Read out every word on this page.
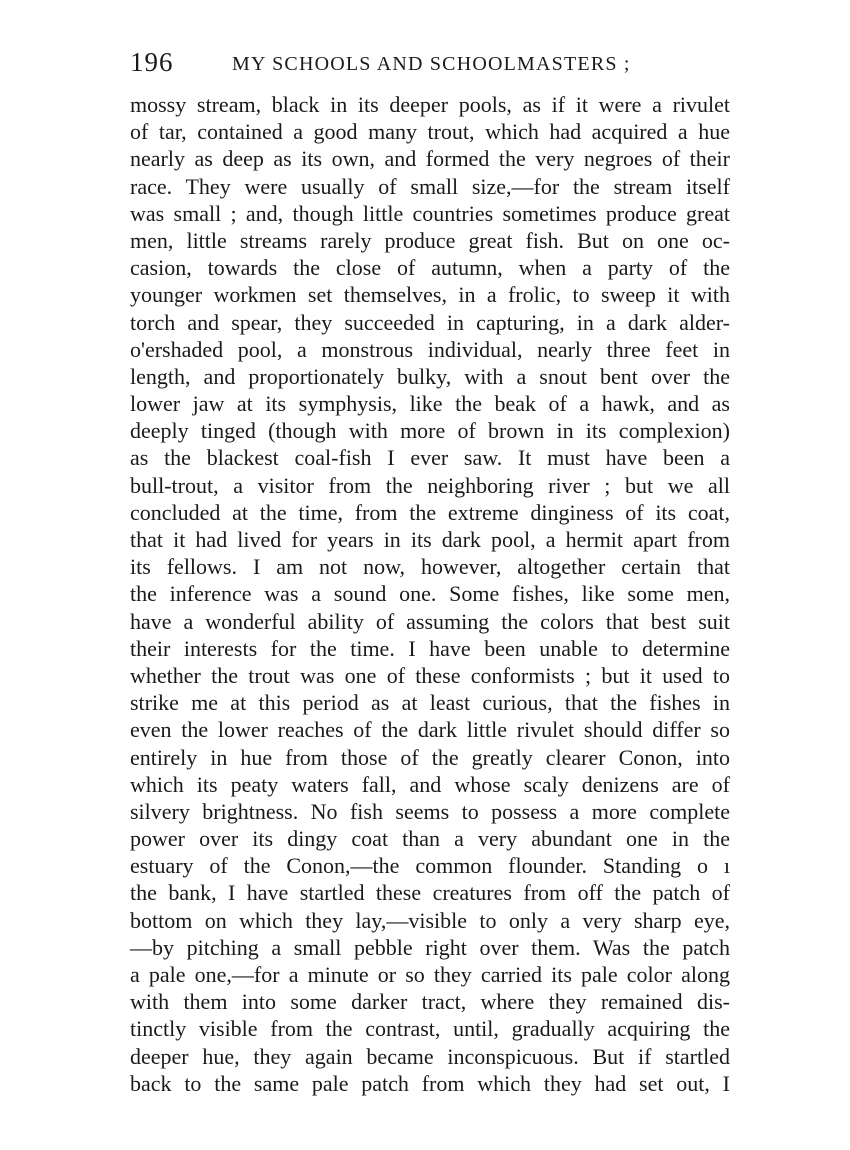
196	MY SCHOOLS AND SCHOOLMASTERS ;
mossy stream, black in its deeper pools, as if it were a rivulet
of tar, contained a good many trout, which had acquired a hue
nearly as deep as its own, and formed the very negroes of their
race. They were usually of small size,—for the stream itself
was small ; and, though little countries sometimes produce great
men, little streams rarely produce great fish. But on one oc-
casion, towards the close of autumn, when a party of the
younger workmen set themselves, in a frolic, to sweep it with
torch and spear, they succeeded in capturing, in a dark alder-
o'ershaded pool, a monstrous individual, nearly three feet in
length, and proportionately bulky, with a snout bent over the
lower jaw at its symphysis, like the beak of a hawk, and as
deeply tinged (though with more of brown in its complexion)
as the blackest coal-fish I ever saw. It must have been a
bull-trout, a visitor from the neighboring river ; but we all
concluded at the time, from the extreme dinginess of its coat,
that it had lived for years in its dark pool, a hermit apart from
its fellows. I am not now, however, altogether certain that
the inference was a sound one. Some fishes, like some men,
have a wonderful ability of assuming the colors that best suit
their interests for the time. I have been unable to determine
whether the trout was one of these conformists ; but it used to
strike me at this period as at least curious, that the fishes in
even the lower reaches of the dark little rivulet should differ so
entirely in hue from those of the greatly clearer Conon, into
which its peaty waters fall, and whose scaly denizens are of
silvery brightness. No fish seems to possess a more complete
power over its dingy coat than a very abundant one in the
estuary of the Conon,—the common flounder. Standing o ı
the bank, I have startled these creatures from off the patch of
bottom on which they lay,—visible to only a very sharp eye,
—by pitching a small pebble right over them. Was the patch
a pale one,—for a minute or so they carried its pale color along
with them into some darker tract, where they remained dis-
tinctly visible from the contrast, until, gradually acquiring the
deeper hue, they again became inconspicuous. But if startled
back to the same pale patch from which they had set out, I
